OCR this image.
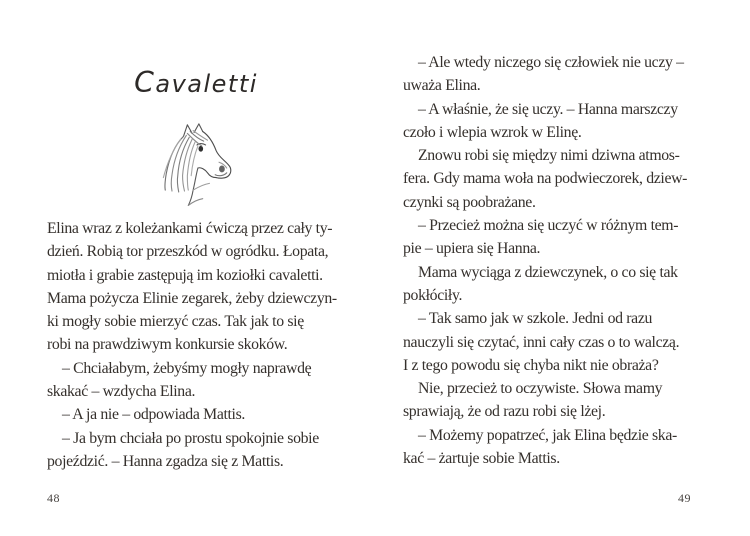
Cavaletti
Elina wraz z koleżankami ćwiczą przez cały ty-
dzień. Robią tor przeszkód w ogródku. Łopata,
miotła i grabie zastępują im koziołki cavaletti.
Mama pożycza Elinie zegarek, żeby dziewczyn-
ki mogły sobie mierzyć czas. Tak jak to się
robi na prawdziwym konkursie skoków.
– Chciałabym, żebyśmy mogły naprawdę
skakać – wzdycha Elina.
– A ja nie – odpowiada Mattis.
– Ja bym chciała po prostu spokojnie sobie
pojeździć. – Hanna zgadza się z Mattis.
48
– Ale wtedy niczego się człowiek nie uczy –
uważa Elina.
– A właśnie, że się uczy. – Hanna marszczy
czoło i wlepia wzrok w Elinę.
Znowu robi się między nimi dziwna atmos-
fera. Gdy mama woła na podwieczorek, dziew-
czynki są poobrażane.
– Przecież można się uczyć w różnym tem-
pie – upiera się Hanna.
Mama wyciąga z dziewczynek, o co się tak
pokłóciły.
– Tak samo jak w szkole. Jedni od razu
nauczyli się czytać, inni cały czas o to walczą.
I z tego powodu się chyba nikt nie obraża?
Nie, przecież to oczywiste. Słowa mamy
sprawiają, że od razu robi się lżej.
– Możemy popatrzeć, jak Elina będzie ska-
kać – żartuje sobie Mattis.
49
